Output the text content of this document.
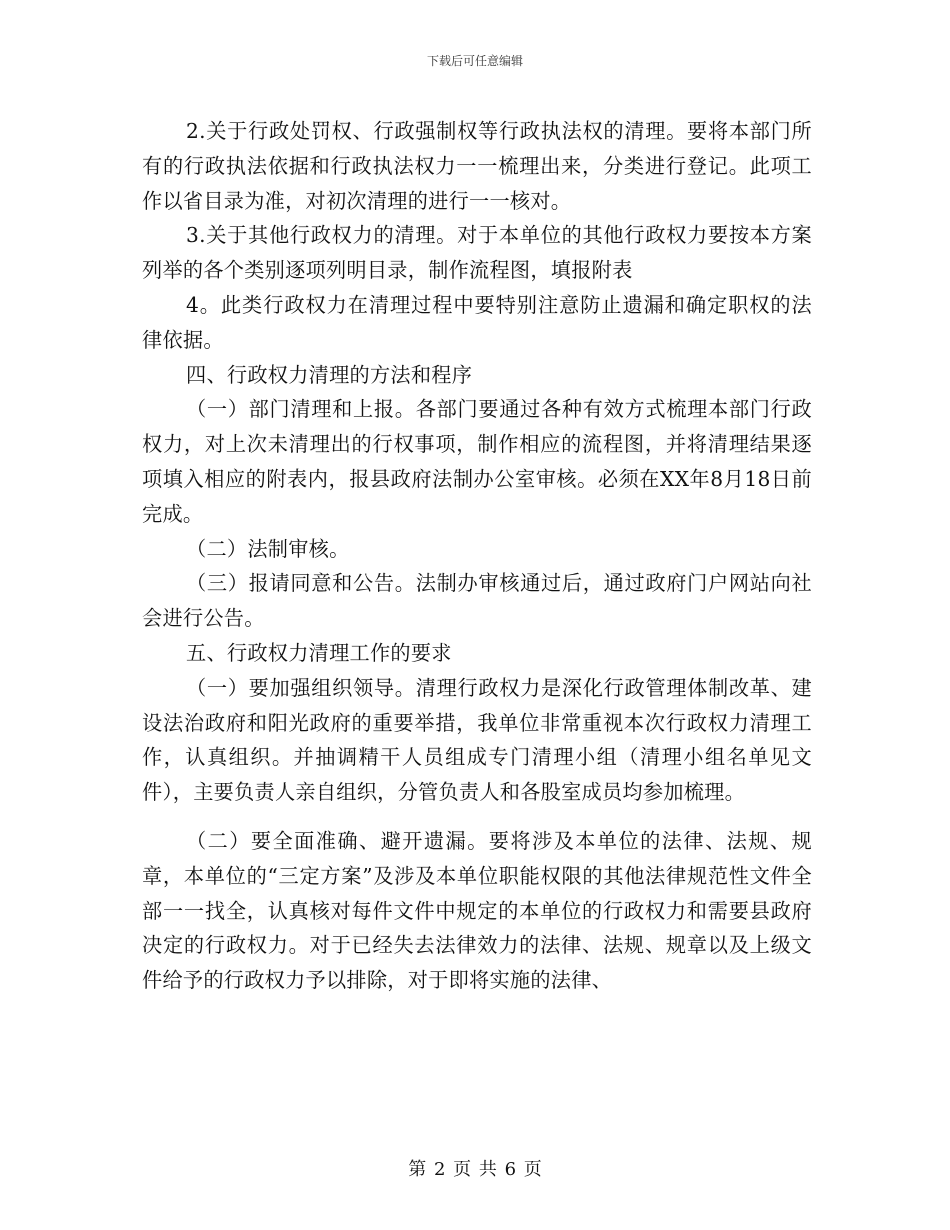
下载后可任意编辑

2.关于行政处罚权、行政强制权等行政执法权的清理。要将本部门所有的行政执法依据和行政执法权力一一梳理出来，分类进行登记。此项工作以省目录为准，对初次清理的进行一一核对。

3.关于其他行政权力的清理。对于本单位的其他行政权力要按本方案列举的各个类别逐项列明目录，制作流程图，填报附表

4。此类行政权力在清理过程中要特别注意防止遗漏和确定职权的法律依据。

四、行政权力清理的方法和程序

（一）部门清理和上报。各部门要通过各种有效方式梳理本部门行政权力，对上次未清理出的行权事项，制作相应的流程图，并将清理结果逐项填入相应的附表内，报县政府法制办公室审核。必须在XX年8月18日前完成。

（二）法制审核。

（三）报请同意和公告。法制办审核通过后，通过政府门户网站向社会进行公告。

五、行政权力清理工作的要求

（一）要加强组织领导。清理行政权力是深化行政管理体制改革、建设法治政府和阳光政府的重要举措，我单位非常重视本次行政权力清理工作，认真组织。并抽调精干人员组成专门清理小组（清理小组名单见文件），主要负责人亲自组织，分管负责人和各股室成员均参加梳理。

（二）要全面准确、避开遗漏。要将涉及本单位的法律、法规、规章，本单位的“三定方案”及涉及本单位职能权限的其他法律规范性文件全部一一找全，认真核对每件文件中规定的本单位的行政权力和需要县政府决定的行政权力。对于已经失去法律效力的法律、法规、规章以及上级文件给予的行政权力予以排除，对于即将实施的法律、

第 2 页 共 6 页
